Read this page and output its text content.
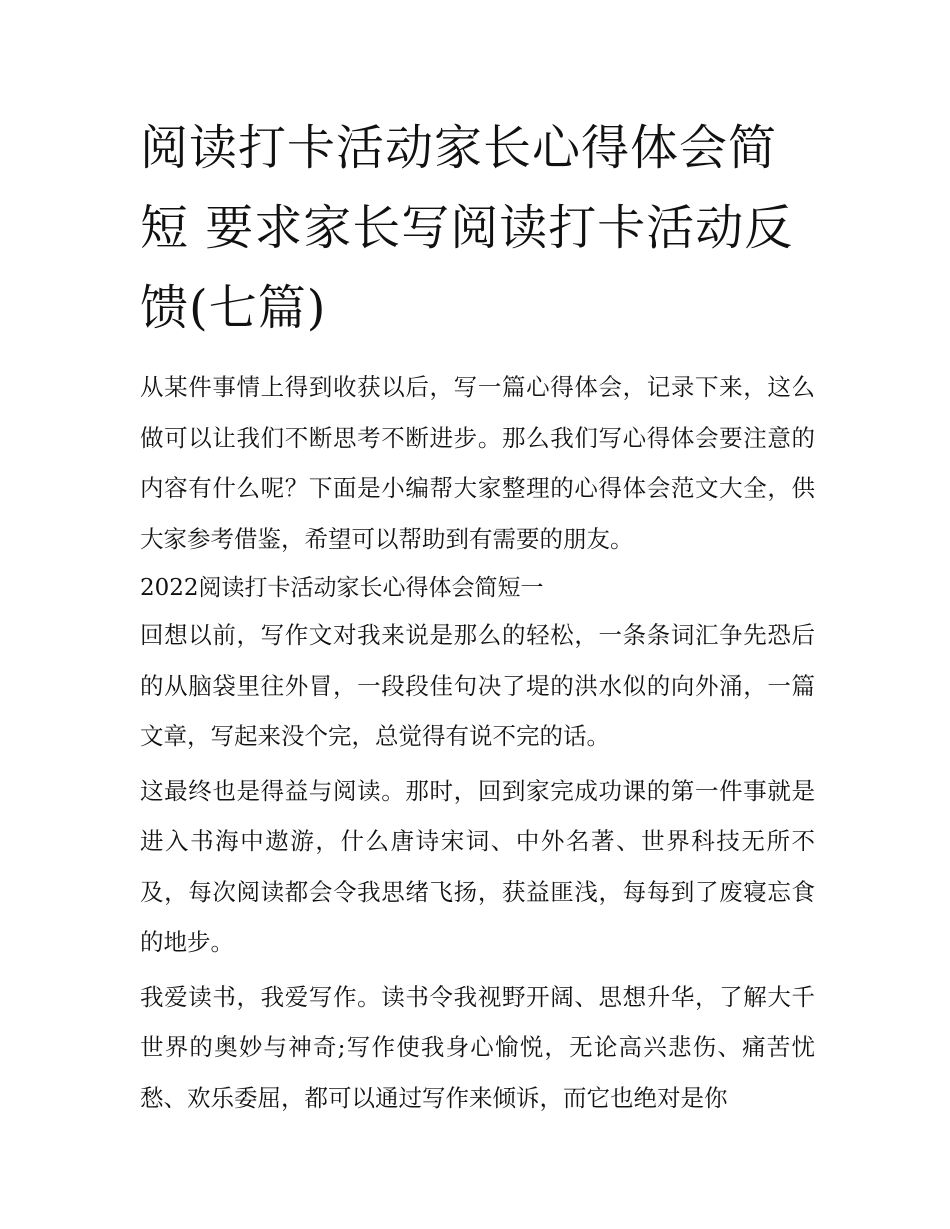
阅读打卡活动家长心得体会简短 要求家长写阅读打卡活动反馈(七篇)

从某件事情上得到收获以后，写一篇心得体会，记录下来，这么做可以让我们不断思考不断进步。那么我们写心得体会要注意的内容有什么呢？下面是小编帮大家整理的心得体会范文大全，供大家参考借鉴，希望可以帮助到有需要的朋友。

2022阅读打卡活动家长心得体会简短一

回想以前，写作文对我来说是那么的轻松，一条条词汇争先恐后的从脑袋里往外冒，一段段佳句决了堤的洪水似的向外涌，一篇文章，写起来没个完，总觉得有说不完的话。

这最终也是得益与阅读。那时，回到家完成功课的第一件事就是进入书海中遨游，什么唐诗宋词、中外名著、世界科技无所不及，每次阅读都会令我思绪飞扬，获益匪浅，每每到了废寝忘食的地步。

我爱读书，我爱写作。读书令我视野开阔、思想升华，了解大千世界的奥妙与神奇;写作使我身心愉悦，无论高兴悲伤、痛苦忧愁、欢乐委屈，都可以通过写作来倾诉，而它也绝对是你
